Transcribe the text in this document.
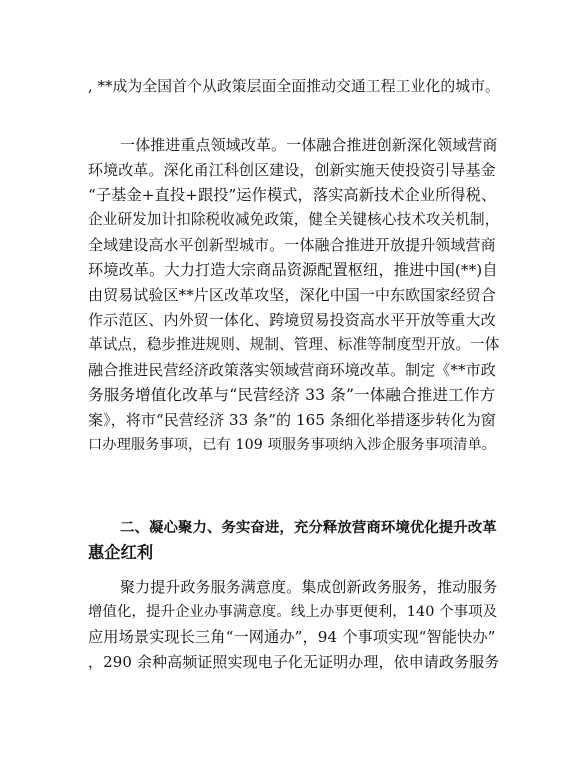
, **成为全国首个从政策层面全面推动交通工程工业化的城市。
一体推进重点领域改革。一体融合推进创新深化领域营商
环境改革。深化甬江科创区建设，创新实施天使投资引导基金
“子基金+直投+跟投”运作模式，落实高新技术企业所得税、
企业研发加计扣除税收减免政策，健全关键核心技术攻关机制，
全域建设高水平创新型城市。一体融合推进开放提升领域营商
环境改革。大力打造大宗商品资源配置枢纽，推进中国(**)自
由贸易试验区**片区改革攻坚，深化中国一中东欧国家经贸合
作示范区、内外贸一体化、跨境贸易投资高水平开放等重大改
革试点，稳步推进规则、规制、管理、标准等制度型开放。一体
融合推进民营经济政策落实领域营商环境改革。制定《**市政
务服务增值化改革与“民营经济 33 条”一体融合推进工作方
案》，将市“民营经济 33 条”的 165 条细化举措逐步转化为窗
口办理服务事项，已有 109 项服务事项纳入涉企服务事项清单。
二、凝心聚力、务实奋进，充分释放营商环境优化提升改革
惠企红利
聚力提升政务服务满意度。集成创新政务服务，推动服务
增值化，提升企业办事满意度。线上办事更便利，140 个事项及
应用场景实现长三角“一网通办”，94 个事项实现“智能快办”
，290 余种高频证照实现电子化无证明办理，依申请政务服务
